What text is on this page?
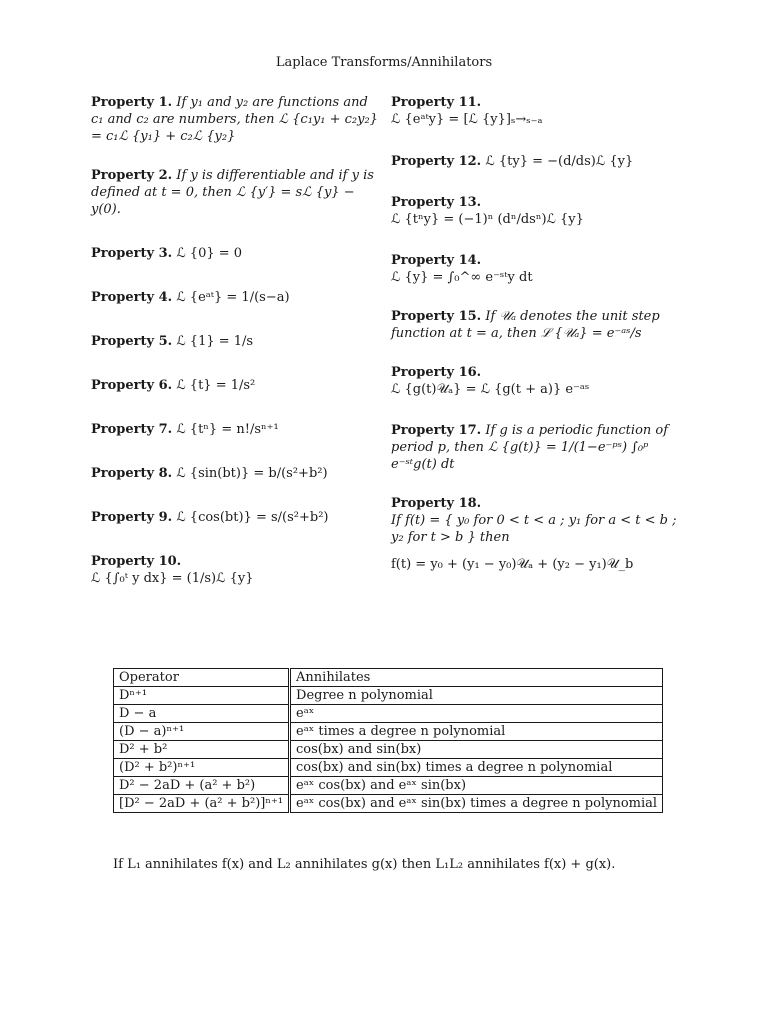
Laplace Transforms/Annihilators

Property 1. If y₁ and y₂ are functions and c₁ and c₂ are numbers, then ℒ {c₁y₁ + c₂y₂} = c₁ℒ {y₁} + c₂ℒ {y₂}

Property 2. If y is differentiable and if y is defined at t = 0, then ℒ {y′} = sℒ {y} − y(0).

Property 3. ℒ {0} = 0

Property 4. ℒ {eᵃᵗ} = 1/(s−a)

Property 5. ℒ {1} = 1/s

Property 6. ℒ {t} = 1/s²

Property 7. ℒ {tⁿ} = n!/sⁿ⁺¹

Property 8. ℒ {sin(bt)} = b/(s²+b²)

Property 9. ℒ {cos(bt)} = s/(s²+b²)

Property 10.
ℒ {∫₀ᵗ y dx} = (1/s)ℒ {y}

Property 11.
ℒ {eᵃᵗy} = [ℒ {y}]ₛ→ₛ₋ₐ

Property 12. ℒ {ty} = −(d/ds)ℒ {y}

Property 13.
ℒ {tⁿy} = (−1)ⁿ (dⁿ/dsⁿ)ℒ {y}

Property 14.
ℒ {y} = ∫₀^∞ e⁻ˢᵗy dt

Property 15. If 𝒰ₐ denotes the unit step function at t = a, then ℒ {𝒰ₐ} = e⁻ᵃˢ/s

Property 16.
ℒ {g(t)𝒰ₐ} = ℒ {g(t + a)} e⁻ᵃˢ

Property 17. If g is a periodic function of period p, then ℒ {g(t)} = 1/(1−e⁻ᵖˢ) ∫₀ᵖ e⁻ˢᵗg(t) dt

Property 18.
If f(t) = { y₀ for 0 < t < a ; y₁ for a < t < b ; y₂ for t > b } then

f(t) = y₀ + (y₁ − y₀)𝒰ₐ + (y₂ − y₁)𝒰_b

Operator	Annihilates
Dⁿ⁺¹	Degree n polynomial
D − a	eᵃˣ
(D − a)ⁿ⁺¹	eᵃˣ times a degree n polynomial
D² + b²	cos(bx) and sin(bx)
(D² + b²)ⁿ⁺¹	cos(bx) and sin(bx) times a degree n polynomial
D² − 2aD + (a² + b²)	eᵃˣ cos(bx) and eᵃˣ sin(bx)
[D² − 2aD + (a² + b²)]ⁿ⁺¹	eᵃˣ cos(bx) and eᵃˣ sin(bx) times a degree n polynomial
If L₁ annihilates f(x) and L₂ annihilates g(x) then L₁L₂ annihilates f(x) + g(x).
